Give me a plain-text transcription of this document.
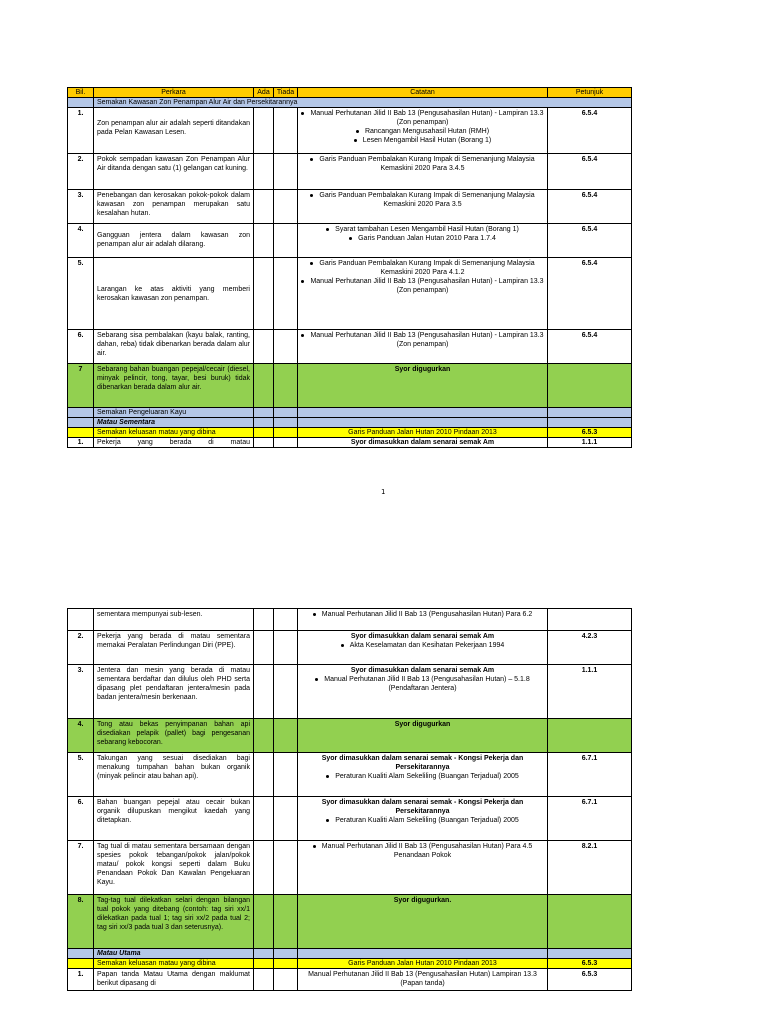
Bil.	Perkara	Ada	Tiada	Catatan	Petunjuk
	Semakan Kawasan Zon Penampan Alur Air dan Persekitarannya				
1.	Zon penampan alur air adalah seperti ditandakan pada Pelan Kawasan Lesen.			Manual Perhutanan Jilid II Bab 13 (Pengusahasilan Hutan) - Lampiran 13.3 (Zon penampan)
Rancangan Mengusahasil Hutan (RMH)
Lesen Mengambil Hasil Hutan (Borang 1)	6.5.4
2.	Pokok sempadan kawasan Zon Penampan Alur Air ditanda dengan satu (1) gelangan cat kuning.			Garis Panduan Pembalakan Kurang Impak di Semenanjung Malaysia Kemaskini 2020 Para 3.4.5	6.5.4
3.	Penebangan dan kerosakan pokok-pokok dalam kawasan zon penampan merupakan satu kesalahan hutan.			Garis Panduan Pembalakan Kurang Impak di Semenanjung Malaysia Kemaskini 2020 Para 3.5	6.5.4
4.	Gangguan jentera dalam kawasan zon penampan alur air adalah dilarang.			Syarat tambahan Lesen Mengambil Hasil Hutan (Borang 1)
Garis Panduan Jalan Hutan 2010 Para 1.7.4	6.5.4
5.	Larangan ke atas aktiviti yang memberi kerosakan kawasan zon penampan.			Garis Panduan Pembalakan Kurang Impak di Semenanjung Malaysia Kemaskini 2020 Para 4.1.2
Manual Perhutanan Jilid II Bab 13 (Pengusahasilan Hutan) - Lampiran 13.3 (Zon penampan)	6.5.4
6.	Sebarang sisa pembalakan (kayu balak, ranting, dahan, reba) tidak dibenarkan berada dalam alur air.			Manual Perhutanan Jilid II Bab 13 (Pengusahasilan Hutan) - Lampiran 13.3 (Zon penampan)	6.5.4
7	Sebarang bahan buangan pepejal/cecair (diesel, minyak pelincir, tong, tayar, besi buruk) tidak dibenarkan berada dalam alur air.			Syor digugurkan	
	Semakan Pengeluaran Kayu				
	Matau Sementara				
	Semakan keluasan matau yang dibina			Garis Panduan Jalan Hutan 2010 Pindaan 2013	6.5.3
1.	Pekerja yang berada di matau			Syor dimasukkan dalam senarai semak Am	1.1.1
1
	sementara mempunyai sub-lesen.			Manual Perhutanan Jilid II Bab 13 (Pengusahasilan Hutan) Para 6.2	

2.	Pekerja yang berada di matau sementara memakai Peralatan Perlindungan Diri (PPE).			Syor dimasukkan dalam senarai semak Am
Akta Keselamatan dan Kesihatan Pekerjaan 1994	4.2.3
3.	Jentera dan mesin yang berada di matau sementara berdaftar dan dilulus oleh PHD serta dipasang plet pendaftaran jentera/mesin pada badan jentera/mesin berkenaan.			Syor dimasukkan dalam senarai semak Am
Manual Perhutanan Jilid II Bab 13 (Pengusahasilan Hutan) – 5.1.8 (Pendaftaran Jentera)	1.1.1
4.	Tong atau bekas penyimpanan bahan api disediakan pelapik (pallet) bagi pengesanan sebarang kebocoran.			Syor digugurkan	
5.	Takungan yang sesuai disediakan bagi menakung tumpahan bahan bukan organik (minyak pelincir atau bahan api).			Syor dimasukkan dalam senarai semak - Kongsi Pekerja dan Persekitarannya
Peraturan Kualiti Alam Sekeliling (Buangan Terjadual) 2005	6.7.1
6.	Bahan buangan pepejal atau cecair bukan organik dilupuskan mengikut kaedah yang ditetapkan.			Syor dimasukkan dalam senarai semak - Kongsi Pekerja dan Persekitarannya
Peraturan Kualiti Alam Sekeliling (Buangan Terjadual) 2005	6.7.1
7.	Tag tual di matau sementara bersamaan dengan spesies pokok tebangan/pokok jalan/pokok matau/ pokok kongsi seperti dalam Buku Penandaan Pokok Dan Kawalan Pengeluaran Kayu.			Manual Perhutanan Jilid II Bab 13 (Pengusahasilan Hutan) Para 4.5 Penandaan Pokok	8.2.1
8.	Tag-tag tual dilekatkan selari dengan bilangan tual pokok yang ditebang (contoh: tag siri xx/1 dilekatkan pada tual 1; tag siri xx/2 pada tual 2; tag siri xx/3 pada tual 3 dan seterusnya).			Syor digugurkan.	
	Matau Utama				
	Semakan keluasan matau yang dibina			Garis Panduan Jalan Hutan 2010 Pindaan 2013	6.5.3
1.	Papan tanda Matau Utama dengan maklumat berikut dipasang di			Manual Perhutanan Jilid II Bab 13 (Pengusahasilan Hutan) Lampiran 13.3 (Papan tanda)	6.5.3
